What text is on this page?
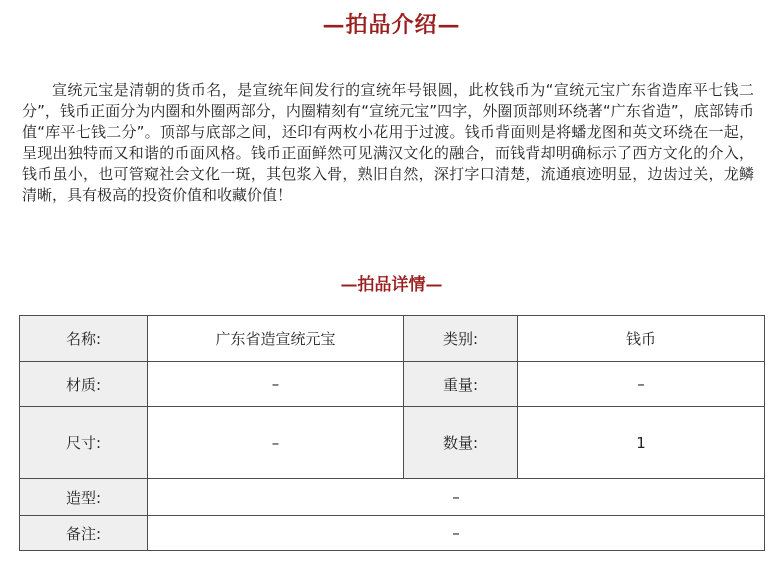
—拍品介绍—

宣统元宝是清朝的货币名，是宣统年间发行的宣统年号银圆，此枚钱币为“宣统元宝广东省造库平七钱二分”，钱币正面分为内圈和外圈两部分，内圈精刻有“宣统元宝”四字，外圈顶部则环绕著“广东省造”，底部铸币值“库平七钱二分”。顶部与底部之间，还印有两枚小花用于过渡。钱币背面则是将蟠龙图和英文环绕在一起，呈现出独特而又和谐的币面风格。钱币正面鲜然可见满汉文化的融合，而钱背却明确标示了西方文化的介入，钱币虽小，也可管窥社会文化一斑，其包浆入骨，熟旧自然，深打字口清楚，流通痕迹明显，边齿过关，龙鳞清晰，具有极高的投资价值和收藏价值！

—拍品详情—
名称:	广东省造宣统元宝	类别:	钱币
材质:	–	重量:	–
尺寸:	–	数量:	1
造型:	–		
备注:	–		
